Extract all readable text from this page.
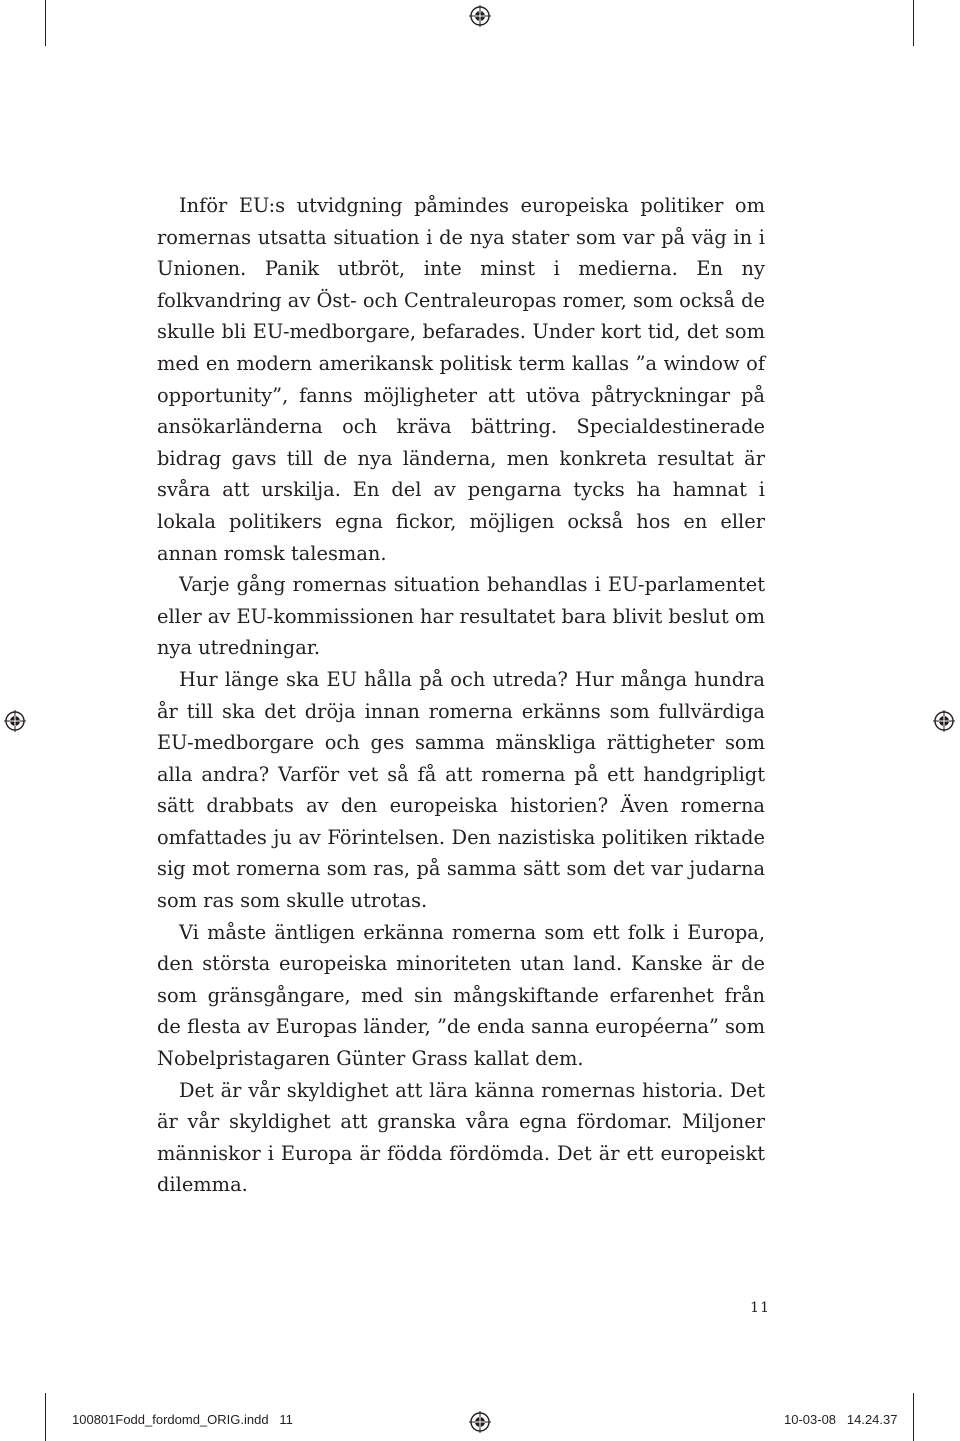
Inför EU:s utvidgning påmindes europeiska politiker om romernas utsatta situation i de nya stater som var på väg in i Unionen. Panik utbröt, inte minst i medierna. En ny folkvandring av Öst- och Centraleuropas romer, som också de skulle bli EU-medborgare, befarades. Under kort tid, det som med en modern amerikansk politisk term kallas ”a window of opportunity”, fanns möjligheter att utöva påtryckningar på ansökarländerna och kräva bättring. Specialdestinerade bidrag gavs till de nya länderna, men konkreta resultat är svåra att urskilja. En del av pengarna tycks ha hamnat i lokala politikers egna fickor, möjligen också hos en eller annan romsk talesman.

Varje gång romernas situation behandlas i EU-parlamentet eller av EU-kommissionen har resultatet bara blivit beslut om nya utredningar.

Hur länge ska EU hålla på och utreda? Hur många hundra år till ska det dröja innan romerna erkänns som fullvärdiga EU-medborgare och ges samma mänskliga rättigheter som alla andra? Varför vet så få att romerna på ett handgripligt sätt drabbats av den europeiska historien? Även romerna omfattades ju av Förintelsen. Den nazistiska politiken riktade sig mot romerna som ras, på samma sätt som det var judarna som ras som skulle utrotas.

Vi måste äntligen erkänna romerna som ett folk i Europa, den största europeiska minoriteten utan land. Kanske är de som gränsgångare, med sin mångskiftande erfarenhet från de flesta av Europas länder, ”de enda sanna européerna” som Nobelpristagaren Günter Grass kallat dem.

Det är vår skyldighet att lära känna romernas historia. Det är vår skyldighet att granska våra egna fördomar. Miljoner människor i Europa är födda fördömda. Det är ett europeiskt dilemma.

11
100801Fodd_fordomd_ORIG.indd   11	10-03-08   14.24.37
